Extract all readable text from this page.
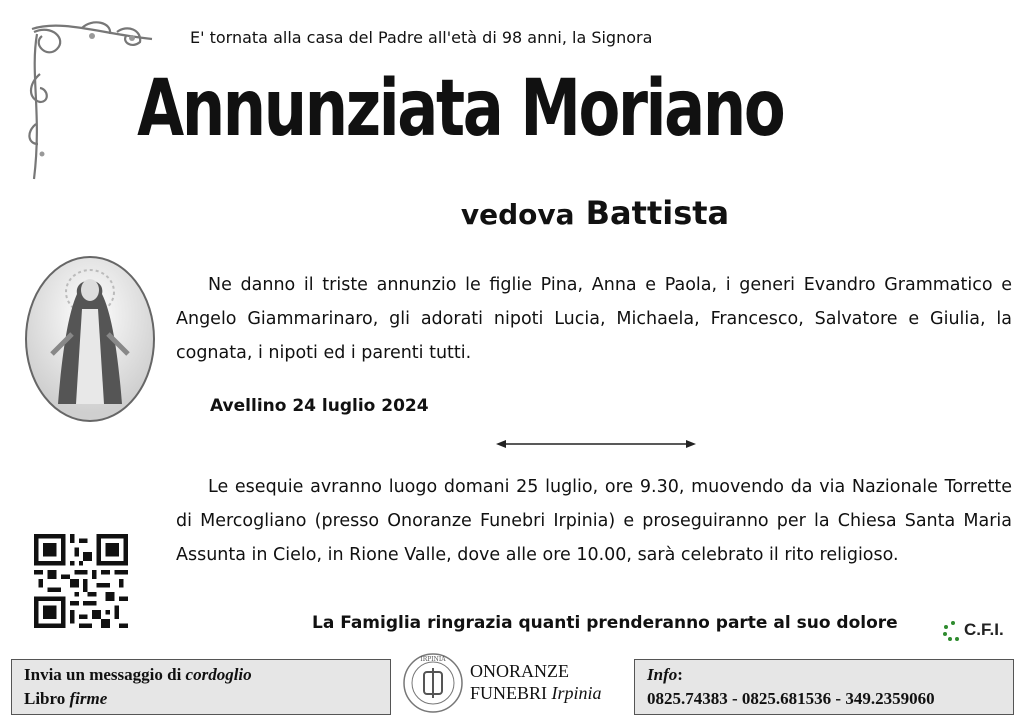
E' tornata alla casa del Padre all'età di 98 anni, la Signora
Annunziata Moriano
vedova Battista
Ne danno il triste annunzio le figlie Pina, Anna e Paola, i generi Evandro Grammatico e Angelo Giammarinaro, gli adorati nipoti Lucia, Michaela, Francesco, Salvatore e Giulia, la cognata, i nipoti ed i parenti tutti.
Avellino 24 luglio 2024
Le esequie avranno luogo domani 25 luglio, ore 9.30, muovendo da via Nazionale Torrette di Mercogliano (presso Onoranze Funebri Irpinia) e proseguiranno per la Chiesa Santa Maria Assunta in Cielo, in Rione Valle, dove alle ore 10.00, sarà celebrato il rito religioso.
La Famiglia ringrazia quanti prenderanno parte al suo dolore	C.F.I.
Invia un messaggio di cordoglio
Libro firme
IRPINIA
ONORANZE
FUNEBRI Irpinia
Info:
0825.74383 - 0825.681536 - 349.2359060
